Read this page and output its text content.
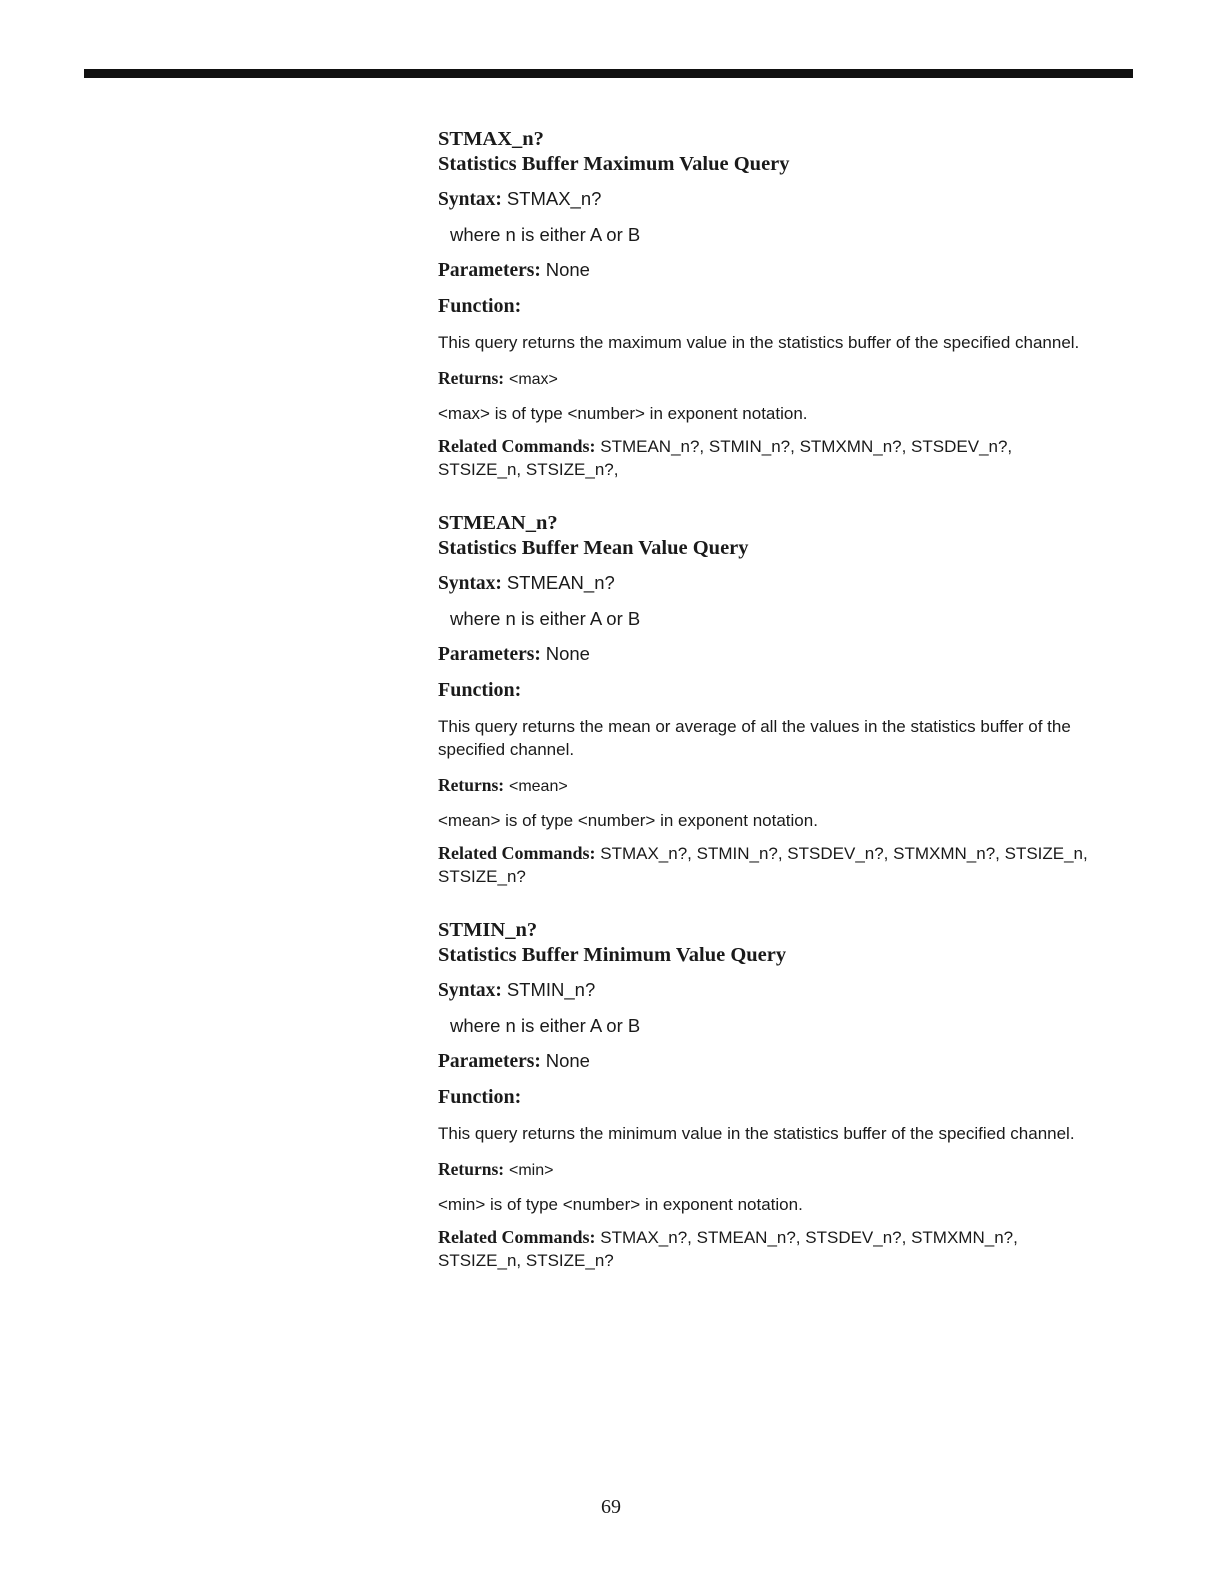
STMAX_n?
Statistics Buffer Maximum Value Query
Syntax: STMAX_n?
where n is either A or B
Parameters: None
Function:
This query returns the maximum value in the statistics buffer of the specified channel.
Returns: <max>
<max> is of type <number> in exponent notation.
Related Commands: STMEAN_n?, STMIN_n?, STMXMN_n?, STSDEV_n?, STSIZE_n, STSIZE_n?,
STMEAN_n?
Statistics Buffer Mean Value Query
Syntax: STMEAN_n?
where n is either A or B
Parameters: None
Function:
This query returns the mean or average of all the values in the statistics buffer of the specified channel.
Returns: <mean>
<mean> is of type <number> in exponent notation.
Related Commands: STMAX_n?, STMIN_n?, STSDEV_n?, STMXMN_n?, STSIZE_n, STSIZE_n?
STMIN_n?
Statistics Buffer Minimum Value Query
Syntax: STMIN_n?
where n is either A or B
Parameters: None
Function:
This query returns the minimum value in the statistics buffer of the specified channel.
Returns: <min>
<min> is of type <number> in exponent notation.
Related Commands: STMAX_n?, STMEAN_n?, STSDEV_n?, STMXMN_n?, STSIZE_n, STSIZE_n?
69
